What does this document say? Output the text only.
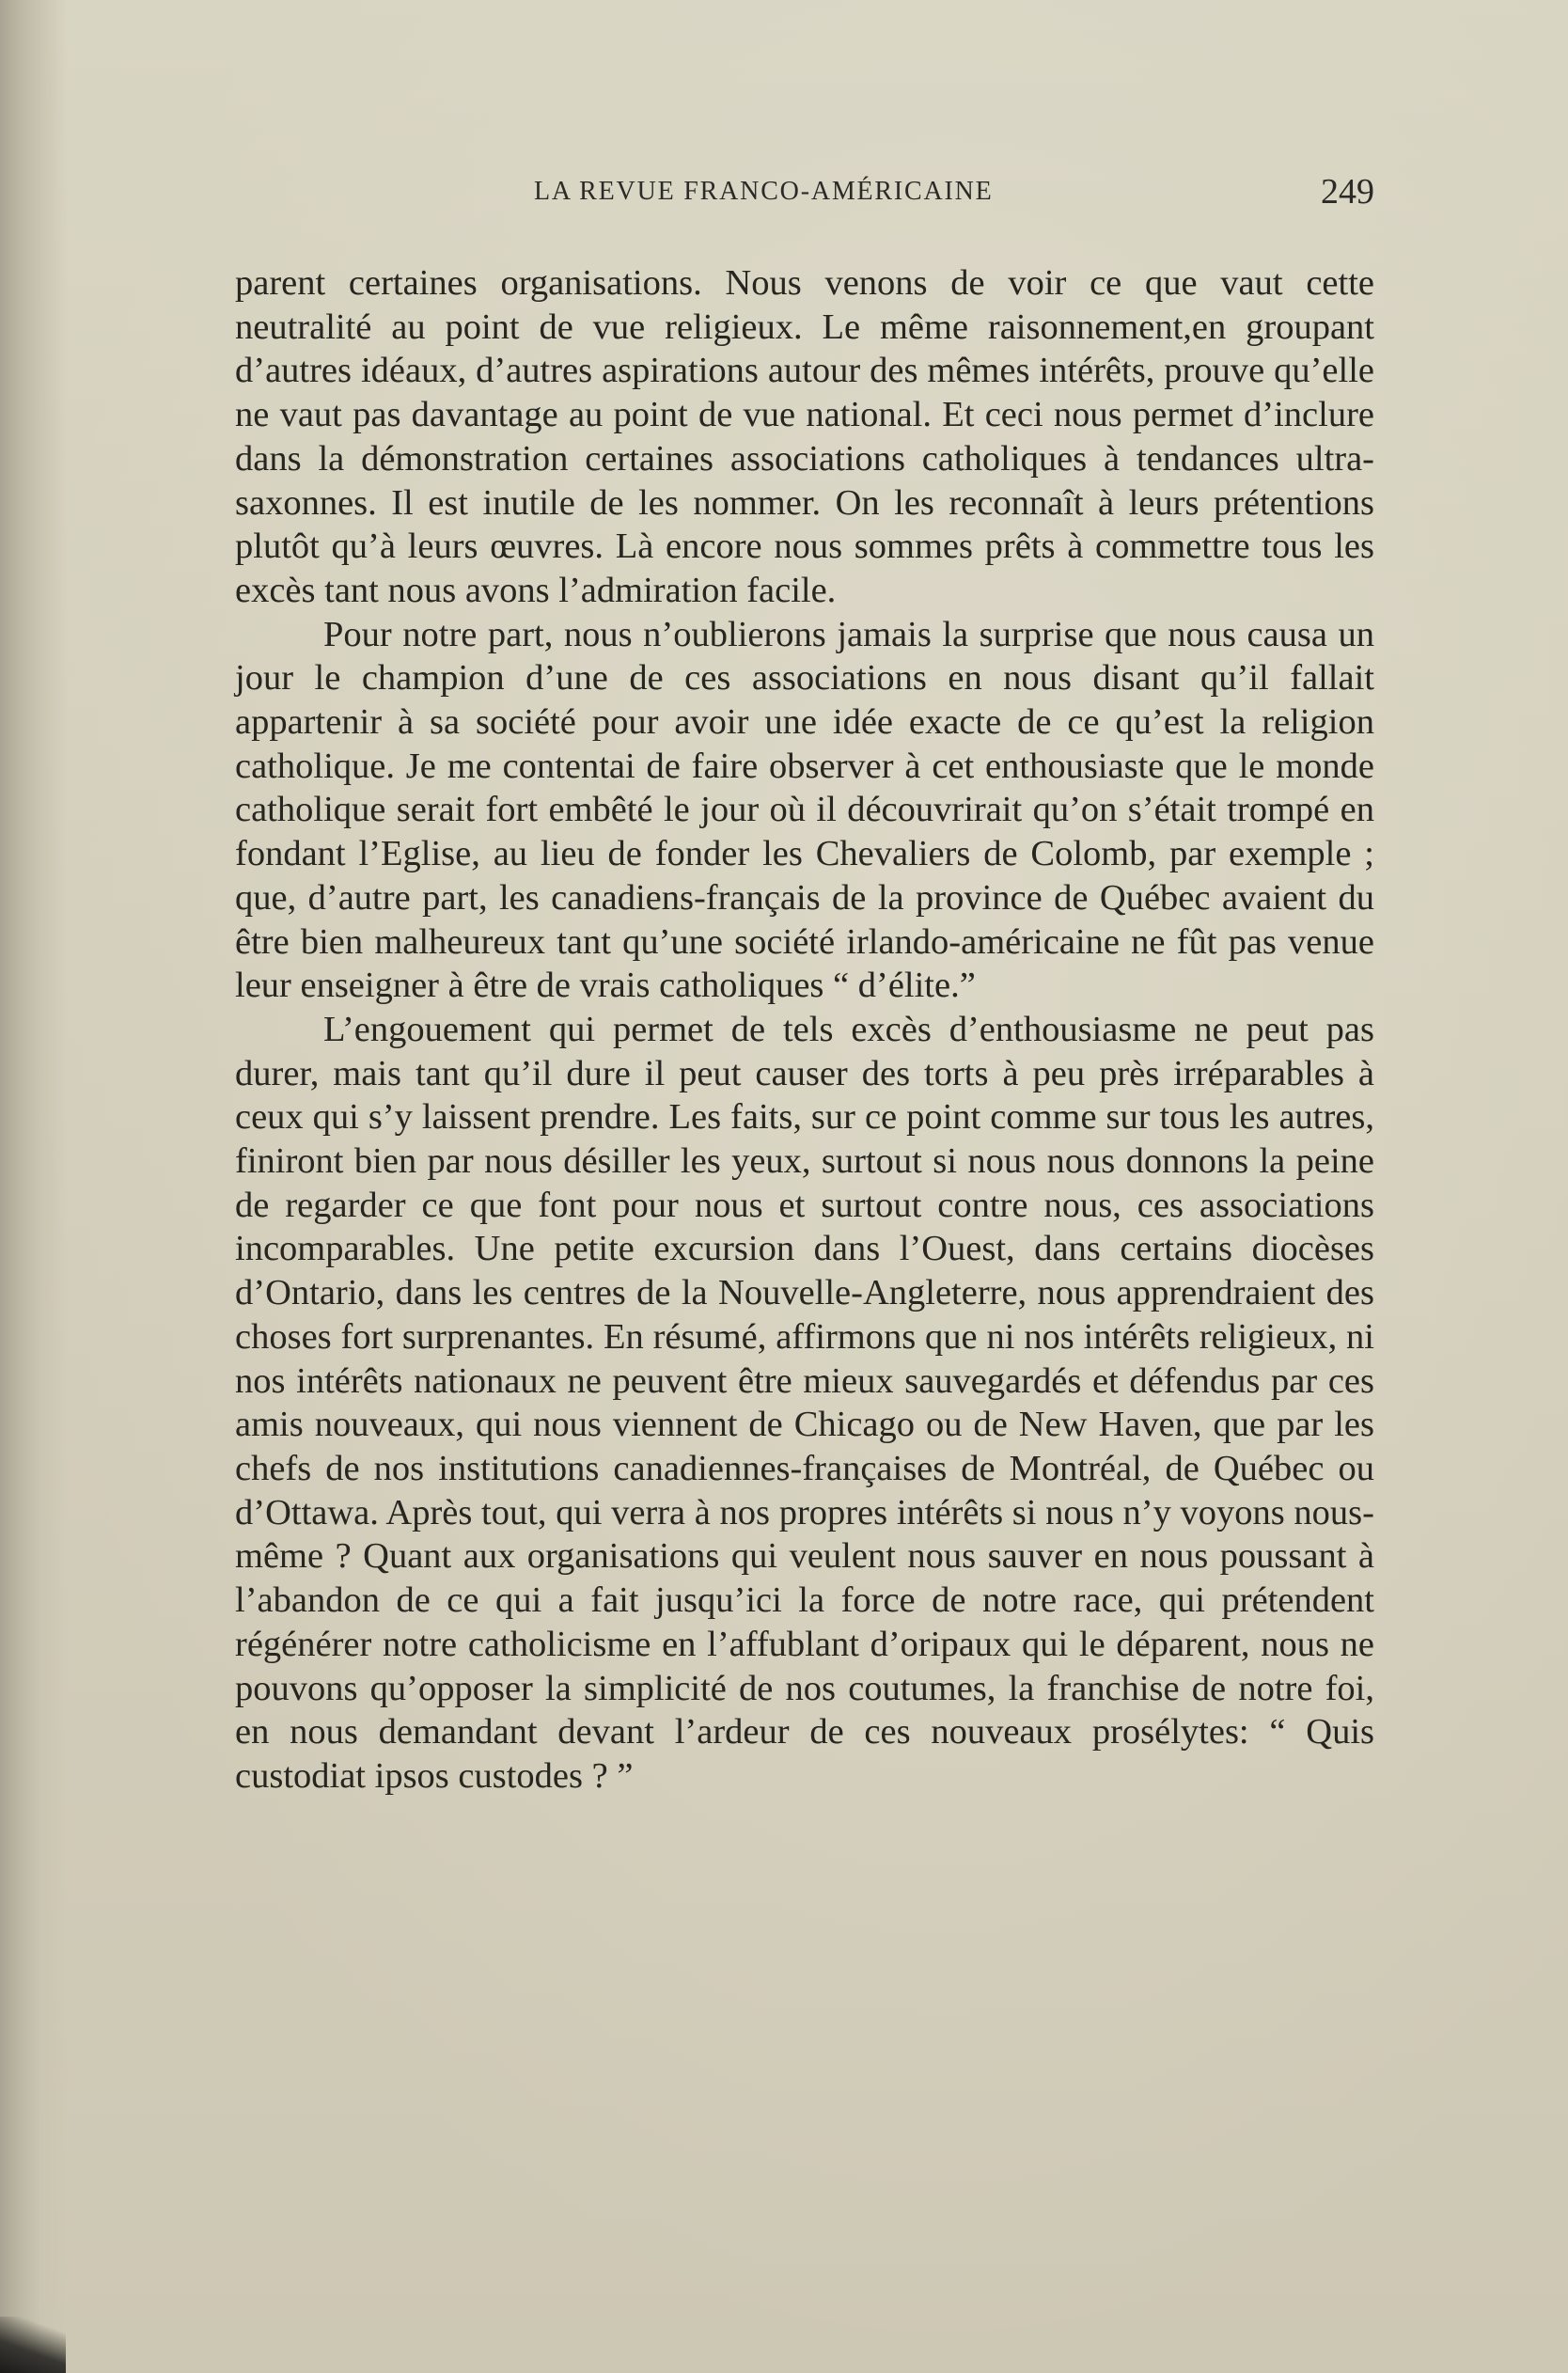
LA REVUE FRANCO-AMÉRICAINE	249

parent certaines organisations. Nous venons de voir ce que vaut cette neutralité au point de vue religieux. Le même raisonnement,en groupant d’autres idéaux, d’autres aspirations autour des mêmes intérêts, prouve qu’elle ne vaut pas davantage au point de vue national. Et ceci nous permet d’inclure dans la démonstration certaines associations catholiques à tendances ultra-saxonnes. Il est inutile de les nommer. On les reconnaît à leurs prétentions plutôt qu’à leurs œuvres. Là encore nous sommes prêts à commettre tous les excès tant nous avons l’admiration facile.

Pour notre part, nous n’oublierons jamais la surprise que nous causa un jour le champion d’une de ces associations en nous disant qu’il fallait appartenir à sa société pour avoir une idée exacte de ce qu’est la religion catholique. Je me contentai de faire observer à cet enthousiaste que le monde catholique serait fort embêté le jour où il découvrirait qu’on s’était trompé en fondant l’Eglise, au lieu de fonder les Chevaliers de Colomb, par exemple ; que, d’autre part, les canadiens-français de la province de Québec avaient du être bien malheureux tant qu’une société irlando-américaine ne fût pas venue leur enseigner à être de vrais catholiques “ d’élite.”

L’engouement qui permet de tels excès d’enthousiasme ne peut pas durer, mais tant qu’il dure il peut causer des torts à peu près irréparables à ceux qui s’y laissent prendre. Les faits, sur ce point comme sur tous les autres, finiront bien par nous désiller les yeux, surtout si nous nous donnons la peine de regarder ce que font pour nous et surtout contre nous, ces associations incomparables. Une petite excursion dans l’Ouest, dans certains diocèses d’Ontario, dans les centres de la Nouvelle-Angleterre, nous apprendraient des choses fort surprenantes. En résumé, affirmons que ni nos intérêts religieux, ni nos intérêts nationaux ne peuvent être mieux sauvegardés et défendus par ces amis nouveaux, qui nous viennent de Chicago ou de New Haven, que par les chefs de nos institutions canadiennes-françaises de Montréal, de Québec ou d’Ottawa. Après tout, qui verra à nos propres intérêts si nous n’y voyons nous-même ? Quant aux organisations qui veulent nous sauver en nous poussant à l’abandon de ce qui a fait jusqu’ici la force de notre race, qui prétendent régénérer notre catholicisme en l’affublant d’oripaux qui le déparent, nous ne pouvons qu’opposer la simplicité de nos coutumes, la franchise de notre foi, en nous demandant devant l’ardeur de ces nouveaux prosélytes: “ Quis custodiat ipsos custodes ? ”
